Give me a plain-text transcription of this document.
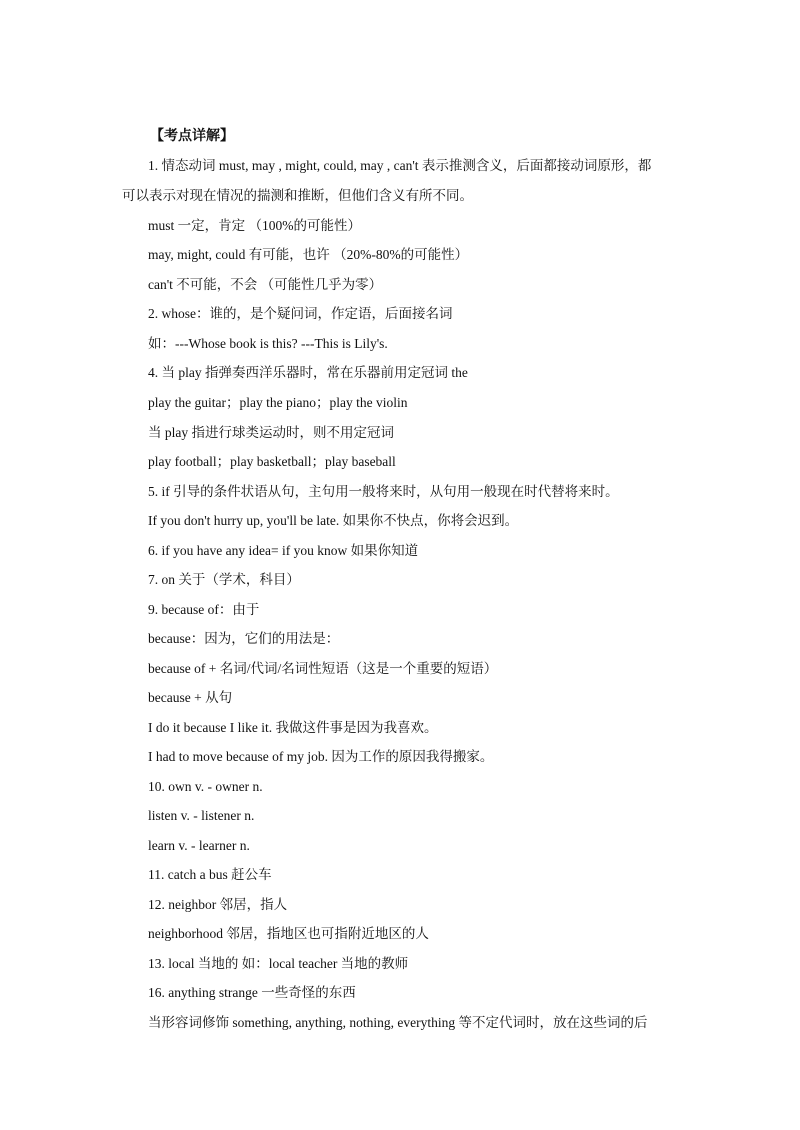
【考点详解】
1. 情态动词 must, may , might, could, may , can't 表示推测含义，后面都接动词原形，都
可以表示对现在情况的揣测和推断，但他们含义有所不同。
must 一定，肯定 （100%的可能性）
may, might, could 有可能，也许 （20%-80%的可能性）
can't 不可能，不会 （可能性几乎为零）
2. whose：谁的，是个疑问词，作定语，后面接名词
如：---Whose book is this? ---This is Lily's.
4. 当 play 指弹奏西洋乐器时，常在乐器前用定冠词 the
play the guitar；play the piano；play the violin
当 play 指进行球类运动时，则不用定冠词
play football；play basketball；play baseball
5. if 引导的条件状语从句，主句用一般将来时，从句用一般现在时代替将来时。
If you don't hurry up, you'll be late. 如果你不快点，你将会迟到。
6. if you have any idea= if you know 如果你知道
7. on 关于（学术，科目）
9. because of：由于
because：因为，它们的用法是：
because of + 名词/代词/名词性短语（这是一个重要的短语）
because + 从句
I do it because I like it. 我做这件事是因为我喜欢。
I had to move because of my job. 因为工作的原因我得搬家。
10. own v. - owner n.
listen v. - listener n.
learn v. - learner n.
11. catch a bus 赶公车
12. neighbor 邻居，指人
neighborhood 邻居，指地区也可指附近地区的人
13. local 当地的 如：local teacher 当地的教师
16. anything strange 一些奇怪的东西
当形容词修饰 something, anything, nothing, everything 等不定代词时，放在这些词的后
